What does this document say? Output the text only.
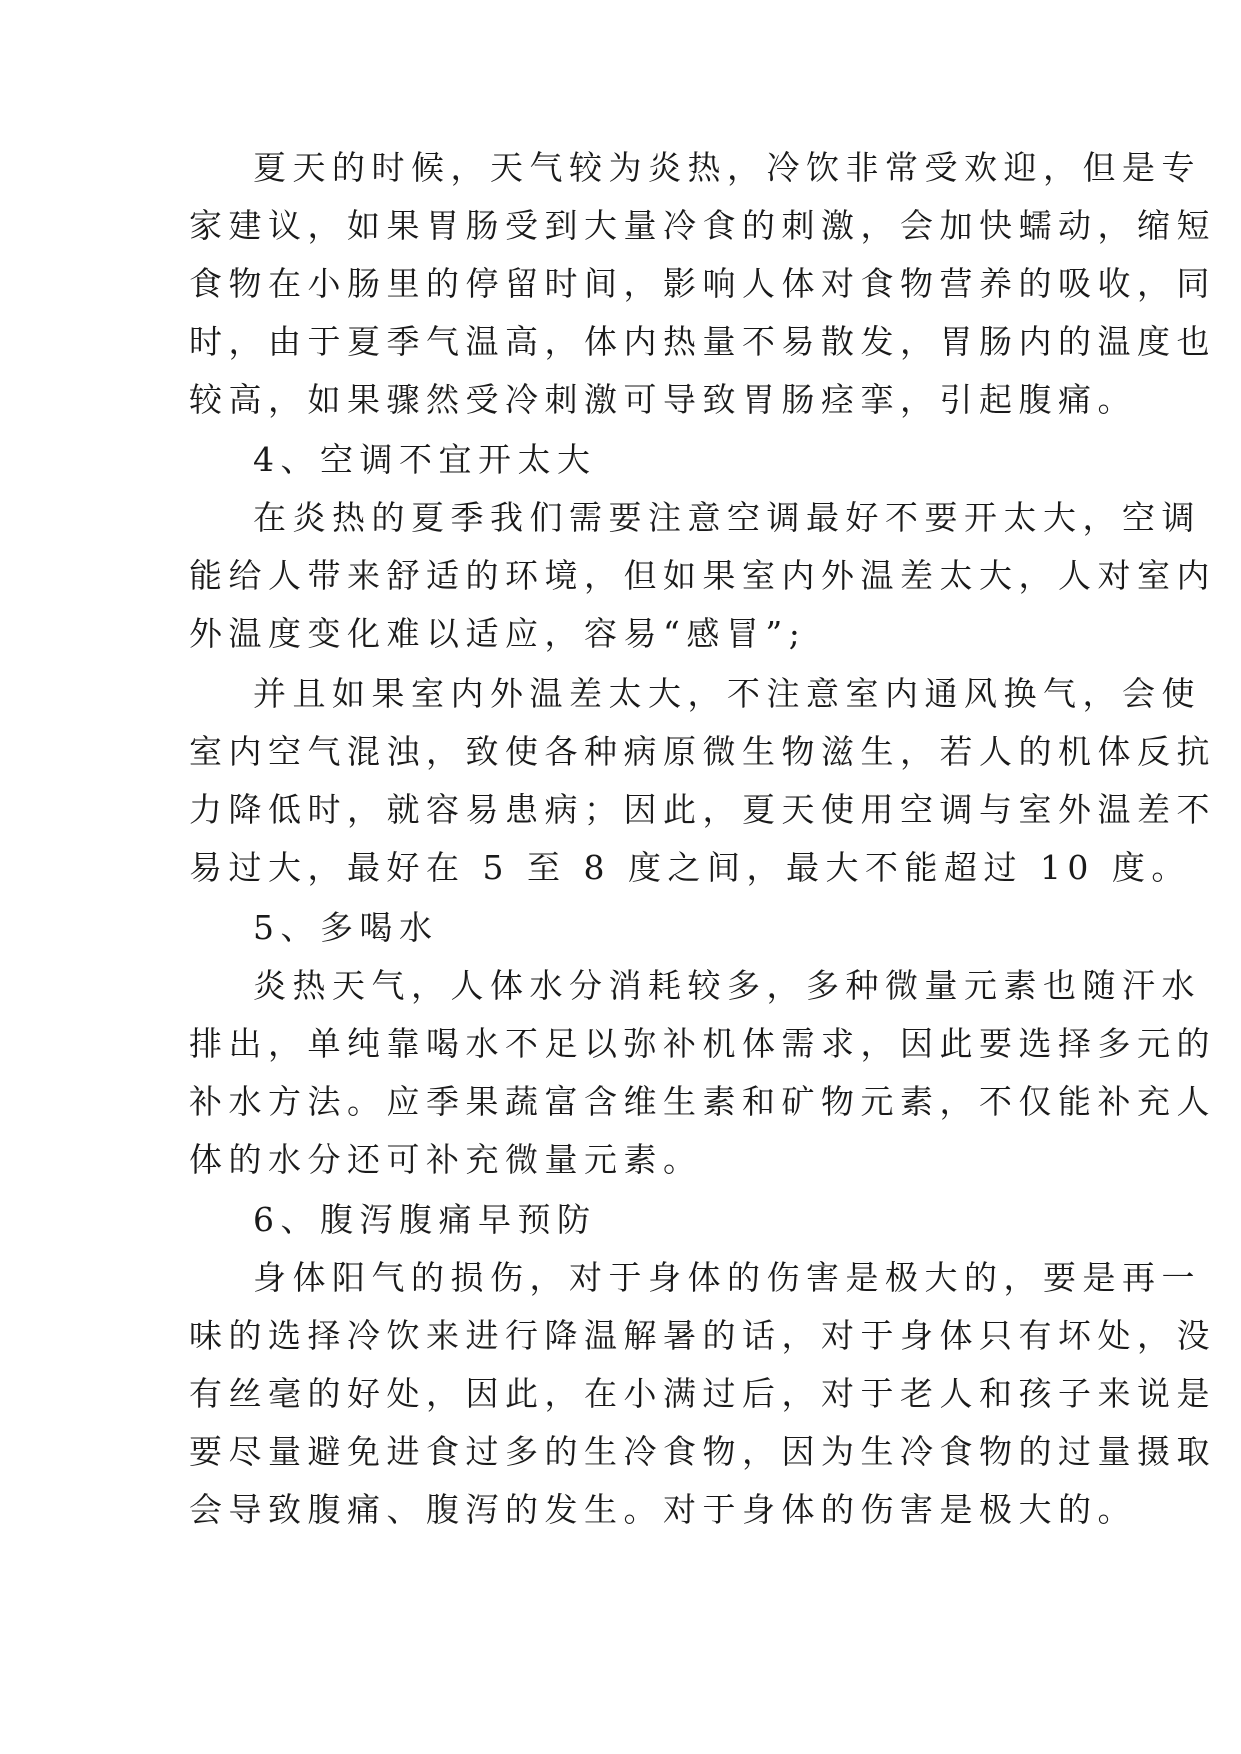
夏天的时候，天气较为炎热，冷饮非常受欢迎，但是专
家建议，如果胃肠受到大量冷食的刺激，会加快蠕动，缩短
食物在小肠里的停留时间，影响人体对食物营养的吸收，同
时，由于夏季气温高，体内热量不易散发，胃肠内的温度也
较高，如果骤然受冷刺激可导致胃肠痉挛，引起腹痛。
4、空调不宜开太大
在炎热的夏季我们需要注意空调最好不要开太大，空调
能给人带来舒适的环境，但如果室内外温差太大，人对室内
外温度变化难以适应，容易“感冒”;
并且如果室内外温差太大，不注意室内通风换气，会使
室内空气混浊，致使各种病原微生物滋生，若人的机体反抗
力降低时，就容易患病；因此，夏天使用空调与室外温差不
易过大，最好在 5 至 8 度之间，最大不能超过 10 度。
5、多喝水
炎热天气，人体水分消耗较多，多种微量元素也随汗水
排出，单纯靠喝水不足以弥补机体需求，因此要选择多元的
补水方法。应季果蔬富含维生素和矿物元素，不仅能补充人
体的水分还可补充微量元素。
6、腹泻腹痛早预防
身体阳气的损伤，对于身体的伤害是极大的，要是再一
味的选择冷饮来进行降温解暑的话，对于身体只有坏处，没
有丝毫的好处，因此，在小满过后，对于老人和孩子来说是
要尽量避免进食过多的生冷食物，因为生冷食物的过量摄取
会导致腹痛、腹泻的发生。对于身体的伤害是极大的。
